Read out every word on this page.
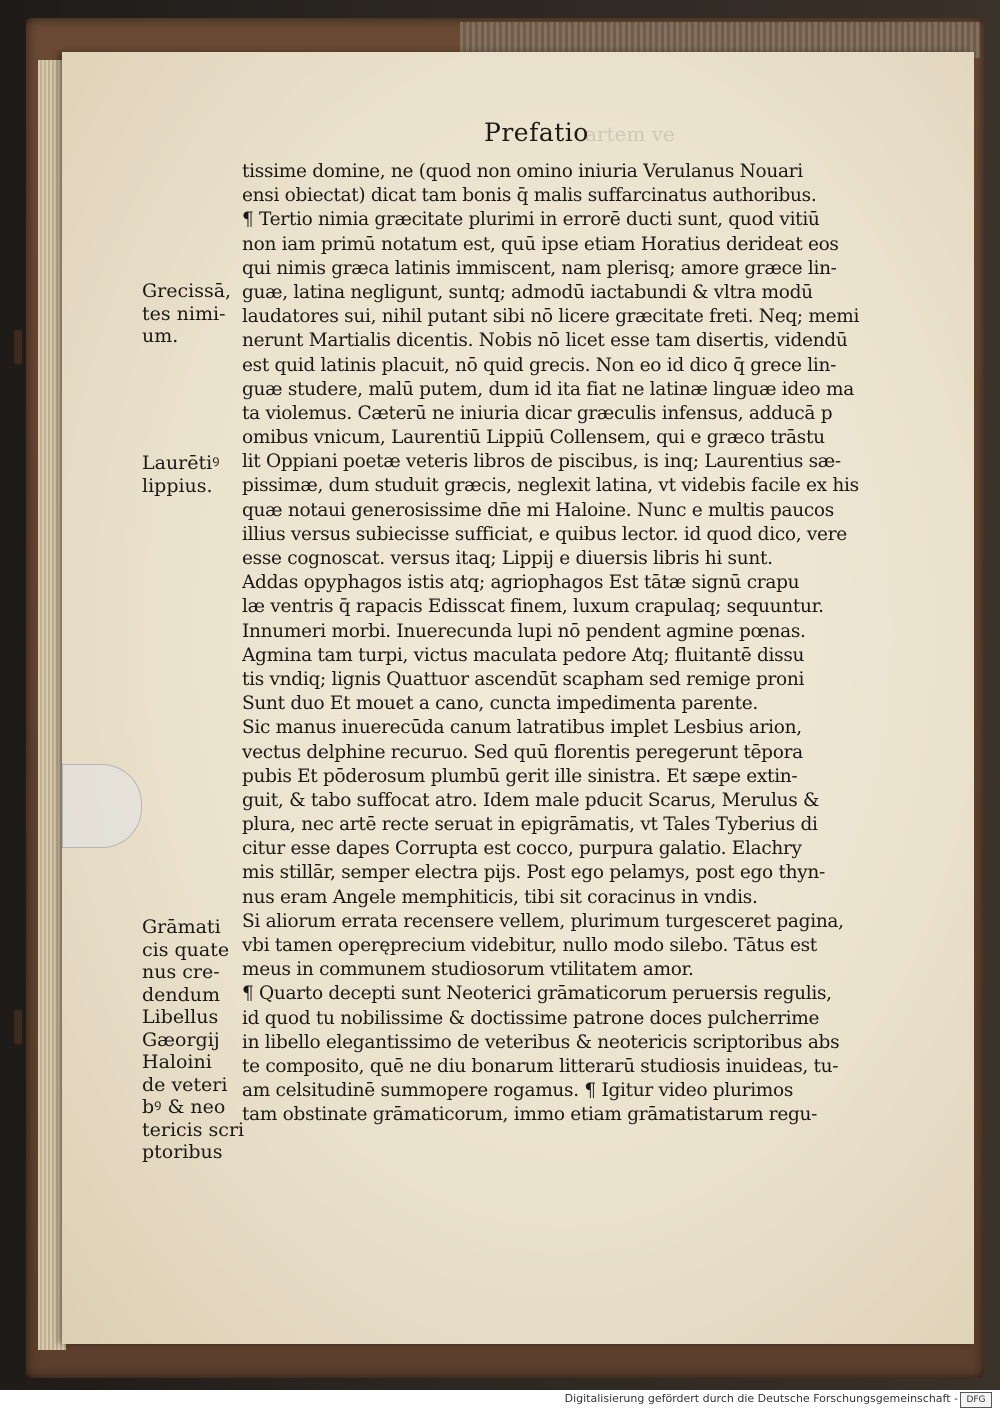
artem ve
Prefatio
tissime domine, ne (quod non omino iniuria Verulanus Nouari
ensi obiectat) dicat tam bonis q̄ malis suffarcinatus authoribus.
¶ Tertio nimia græcitate plurimi in errorē ducti sunt, quod vitiū
non iam primū notatum est, quū ipse etiam Horatius derideat eos
qui nimis græca latinis immiscent, nam plerisq; amore græce lin-
guæ, latina negligunt, suntq; admodū iactabundi & vltra modū
laudatores sui, nihil putant sibi nō licere græcitate freti. Neq; memi
nerunt Martialis dicentis. Nobis nō licet esse tam disertis, videndū
est quid latinis placuit, nō quid grecis. Non eo id dico q̄ grece lin-
guæ studere, malū putem, dum id ita fiat ne latinæ linguæ ideo ma
ta violemus. Cæterū ne iniuria dicar græculis infensus, adducā p
omibus vnicum, Laurentiū Lippiū Collensem, qui e græco trāstu
lit Oppiani poetæ veteris libros de piscibus, is inq; Laurentius sæ-
pissimæ, dum studuit græcis, neglexit latina, vt videbis facile ex his
quæ notaui generosissime dn̄e mi Haloine. Nunc e multis paucos
illius versus subiecisse sufficiat, e quibus lector. id quod dico, vere
esse cognoscat. versus itaq; Lippij e diuersis libris hi sunt.
Addas opyphagos istis atq; agriophagos Est tātæ signū crapu
læ ventris q̄ rapacis Edisscat finem, luxum crapulaq; sequuntur.
Innumeri morbi. Inuerecunda lupi nō pendent agmine pœnas.
Agmina tam turpi, victus maculata pedore Atq; fluitantē dissu
tis vndiq; lignis Quattuor ascendūt scapham sed remige proni
Sunt duo Et mouet a cano, cuncta impedimenta parente.
Sic manus inuerecūda canum latratibus implet Lesbius arion,
vectus delphine recuruo. Sed quū florentis peregerunt tēpora
pubis Et pōderosum plumbū gerit ille sinistra. Et sæpe extin-
guit, & tabo suffocat atro. Idem male pducit Scarus, Merulus &
plura, nec artē recte seruat in epigrāmatis, vt Tales Tyberius di
citur esse dapes Corrupta est cocco, purpura galatio. Elachry
mis stillār, semper electra pijs. Post ego pelamys, post ego thyn-
nus eram Angele memphiticis, tibi sit coracinus in vndis.
Si aliorum errata recensere vellem, plurimum turgesceret pagina,
vbi tamen operęprecium videbitur, nullo modo silebo. Tātus est
meus in communem studiosorum vtilitatem amor.
¶ Quarto decepti sunt Neoterici grāmaticorum peruersis regulis,
id quod tu nobilissime & doctissime patrone doces pulcherrime
in libello elegantissimo de veteribus & neotericis scriptoribus abs
te composito, quē ne diu bonarum litterarū studiosis inuideas, tu-
am celsitudinē summopere rogamus. ¶ Igitur video plurimos
tam obstinate grāmaticorum, immo etiam grāmatistarum regu-
Grecissā,
tes nimi-
um.
Laurētiꝰ
lippius.
Grāmati
cis quate
nus cre-
dendum
Libellus
Gæorgij
Haloini
de veteri
bꝰ & neo
tericis scri
ptoribus
Digitalisierung gefördert durch die Deutsche Forschungsgemeinschaft - DFG
